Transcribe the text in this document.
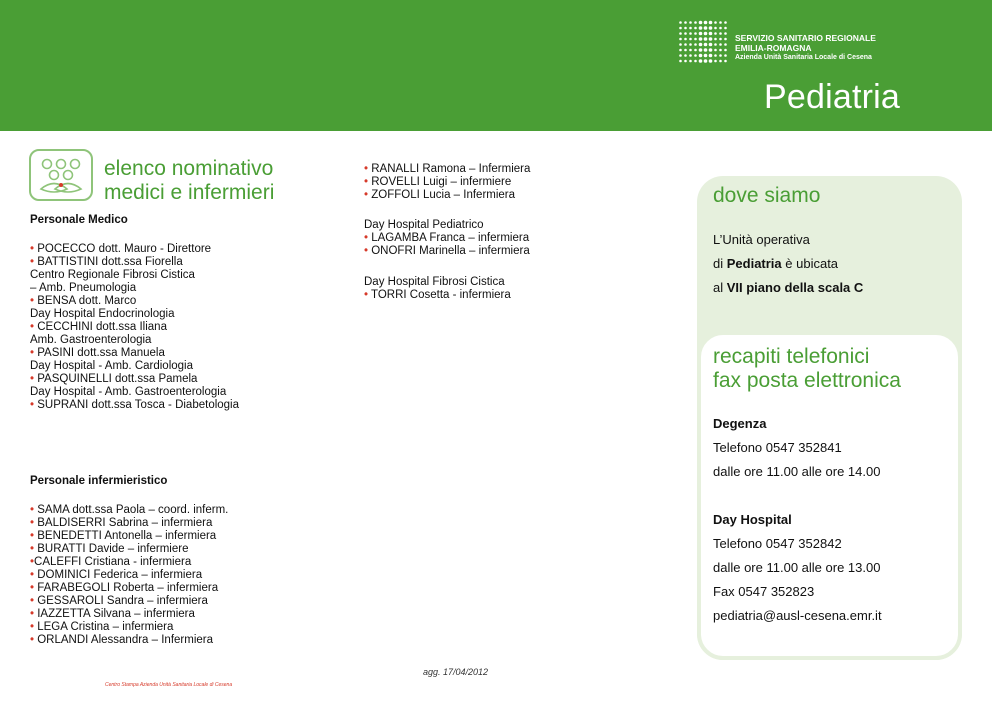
SERVIZIO SANITARIO REGIONALE
EMILIA-ROMAGNA
Azienda Unità Sanitaria Locale di Cesena
Pediatria
elenco nominativo
medici e infermieri
Personale Medico
• POCECCO dott. Mauro - Direttore
• BATTISTINI dott.ssa Fiorella
Centro Regionale Fibrosi Cistica
– Amb. Pneumologia
• BENSA dott. Marco
Day Hospital Endocrinologia
• CECCHINI dott.ssa Iliana
Amb. Gastroenterologia
• PASINI dott.ssa Manuela
Day Hospital - Amb. Cardiologia
• PASQUINELLI dott.ssa Pamela
Day Hospital - Amb. Gastroenterologia
• SUPRANI dott.ssa Tosca - Diabetologia
Personale infermieristico
• SAMA dott.ssa Paola – coord. inferm.
• BALDISERRI Sabrina – infermiera
• BENEDETTI Antonella – infermiera
• BURATTI Davide – infermiere
•CALEFFI Cristiana - infermiera
• DOMINICI Federica – infermiera
• FARABEGOLI Roberta – infermiera
• GESSAROLI Sandra – infermiera
• IAZZETTA Silvana – infermiera
• LEGA Cristina – infermiera
• ORLANDI Alessandra – Infermiera
Centro Stampa Azienda Unità Sanitaria Locale di Cesena
• RANALLI Ramona – Infermiera
• ROVELLI Luigi – infermiere
• ZOFFOLI Lucia – Infermiera
Day Hospital Pediatrico
• LAGAMBA Franca – infermiera
• ONOFRI Marinella – infermiera
Day Hospital Fibrosi Cistica
• TORRI Cosetta - infermiera
agg. 17/04/2012
dove siamo
L’Unità operativa
di Pediatria è ubicata
al VII piano della scala C
recapiti telefonici
fax posta elettronica
Degenza
Telefono 0547 352841
dalle ore 11.00 alle ore 14.00
Day Hospital
Telefono 0547 352842
dalle ore 11.00 alle ore 13.00
Fax 0547 352823
pediatria@ausl-cesena.emr.it
